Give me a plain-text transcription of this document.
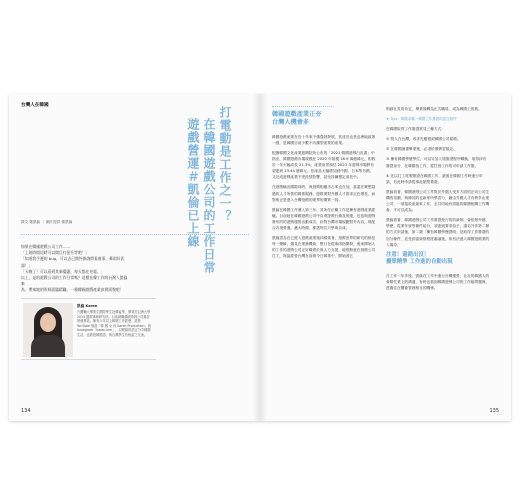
台灣人在韓國
打電動是工作之一？
在韓國遊戲公司的工作日常
遊戲營運＃凱倫已上線
撰文 鄭凱倫 ｜ 圖片提供 鄭凱倫

如果在韓國遊戲公司工作……

「上班時間這時可以開目打怪升等吧！」

「知道我手邊的 bug，可以去已開外掛詢問看進事，牽則好武器！」

「天晚了！可以看到其新優惠，每天都在充電。」

以上，是的遊戲公司的工作日常嗎？這樣在韓工作的台灣人凱倫來

為，帶來她的所經面臨精職，一窺韓國遊戲產業真實面貌吧！

凱倫 Karen
台灣輔大畢業生國際學生赴韓留學，畢業於亞洲大學 2015 國際事務研究所。目前就職韓國遊戲公司擔任營運專員。擁有六年以上韓國工作經歷。經營 YouTube 頻道「韓 國 女 孩 Karen Production」與 Instagram「karen.kim」，以輕鬆的語言分享韓國生活，也教授韓國語，與台灣學生有相當之交流。
134
韓國遊戲產業正夯
台灣人機會多

韓國遊戲產業在近十年來不僅蓬勃發展，其成長也是亞洲地區第一強，是韓國目前少數不內擴型產業的產業。

根據韓國文化產業振興院所公布的「2021 韓國遊戲白皮書」中指出，韓國遊戲市場規模在 2020 年規模 18.9 萬億韓元，相較於一年大幅成長 21.3%，產業前景預估 2023 年遊戲市場將有望達到 23.44 億韓元。依產品大幅增加到中國、日本等各國，又完成遊戲產業不受疫情影響，甚至持續穩定成長中。

在遊戲輸出國際同時，與遊戲相應市占率也在加，當遠在眾想超過的人才所營的韓系服務，遊戲業對外國人才需求正在增長，而對與正是進入台灣遊戲的業界的優質一員。

凱倫在韓國工作邁入第三年，其所任正職工作是擁有遊戲產業經驗。目前她在韓國遊戲公司中負責遊戲行銷及營運，包括與遊戲發布的的遊戲運營活動成功，針對台灣市場規劃對外內容，與配合各項營運。藉大時期，都透每位只學與各成。

凱倫認為在已進入遊戲產業後四樣業者，遊戲世界的研究的都是每一樂瞬，遇見在業務機會，整日在從事兩指開發，後來開始人的工作的遊戲公司正好職責於與人力支援，地則無意在遊戲公司打工，與當經營台灣在前指今日韓業中，開始著它

則副社長的肯定，畢業後轉為正式職員，成為韓國上班族。

★ Tips：韓國求職一韓國工作簽證的居住條件

在韓國取得工作簽證常見三種方式：

① 既人在台灣，尋求先應徵到韓國公司雇聘。

② 在韓國讀書畢業後，必須依照實習規定。

③ 擁有韓國學歷學位，可以另加入境簽證程序轉換，取得持有簽證身分，在韓國找工作，從任因工作的可申請工作簽。

④ 先以打工度假簽證在韓國工作，最後在韓國工作時進行申請，有此時申請從事此類型簽證。

凱倫看著，韓國遊戲公司工作對於外國人受多方面的正向公司生機的氛圍，與韓其的也新家所學習力，藉由外國人才有利多企業公司，一項接收產最來工作，去共同地有面臨的韓國相關工作機會，才可以成為。

凱倫看著，韓國遊戲公司工作簽證是行的的新制，會依照外籍、學歷、從業年資等條件給分，須達到要求給予，讓另外作第二類的方式申請後，第二類「擁有韓國學歷證明」是取得工作簽證的加分條件，並受到當資格程度審議後，來有法進入韓國遊戲業的入場券。

注意！還錯出沒！
擾眾精準 工作進的自動出現

在工作一年多後，凱倫在工作中進行台灣運營，社社的韓國人的會幫忙業上的溝通，有時也看到韓國遊戲公司的工作組問題與，透過往在體會管理相互的關係。

135
